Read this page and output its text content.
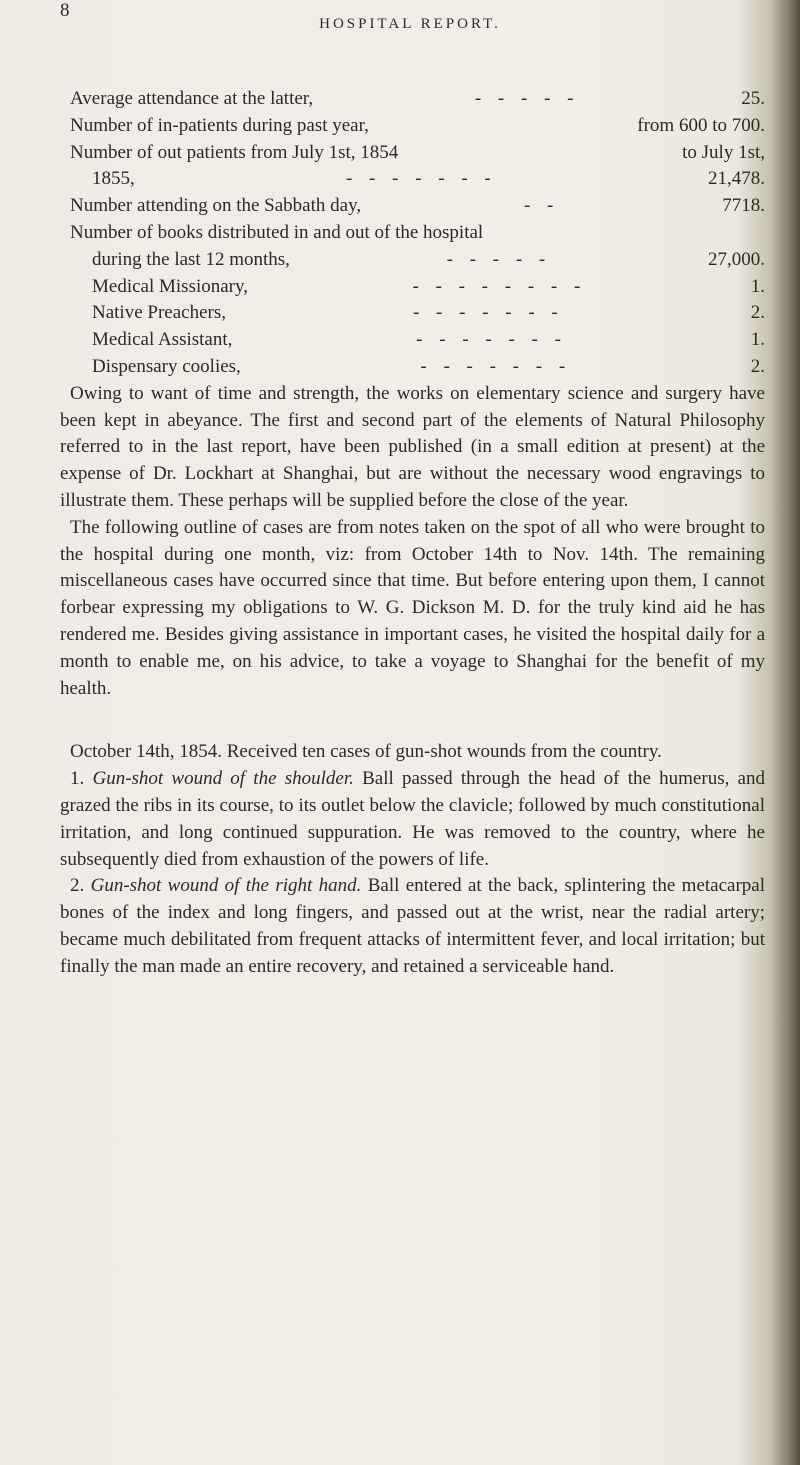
8
HOSPITAL REPORT.
Average attendance at the latter,	- - - - -	25.
Number of in-patients during past year,	from 600 to 700.
Number of out patients from July 1st, 1854	to July 1st,
1855,	- - - - - - -	21,478.
Number attending on the Sabbath day,	- -	7718.
Number of books distributed in and out of the hospital
during the last 12 months,	- - - - -	27,000.
Medical Missionary,	- - - - - - - -	1.
Native Preachers,	- - - - - - -	2.
Medical Assistant,	- - - - - - -	1.
Dispensary coolies,	- - - - - - -	2.

Owing to want of time and strength, the works on elementary science and surgery have been kept in abeyance. The first and second part of the elements of Natural Philosophy referred to in the last report, have been published (in a small edition at present) at the expense of Dr. Lockhart at Shanghai, but are without the necessary wood engravings to illustrate them. These perhaps will be supplied before the close of the year.

The following outline of cases are from notes taken on the spot of all who were brought to the hospital during one month, viz: from October 14th to Nov. 14th. The remaining miscellaneous cases have occurred since that time. But before entering upon them, I cannot forbear expressing my obligations to W. G. Dickson M. D. for the truly kind aid he has rendered me. Besides giving assistance in important cases, he visited the hospital daily for a month to enable me, on his advice, to take a voyage to Shanghai for the benefit of my health.

October 14th, 1854. Received ten cases of gun-shot wounds from the country.

1. Gun-shot wound of the shoulder. Ball passed through the head of the humerus, and grazed the ribs in its course, to its outlet below the clavicle; followed by much constitutional irritation, and long continued suppuration. He was removed to the country, where he subsequently died from exhaustion of the powers of life.

2. Gun-shot wound of the right hand. Ball entered at the back, splintering the metacarpal bones of the index and long fingers, and passed out at the wrist, near the radial artery; became much debilitated from frequent attacks of intermittent fever, and local irritation; but finally the man made an entire recovery, and retained a serviceable hand.
